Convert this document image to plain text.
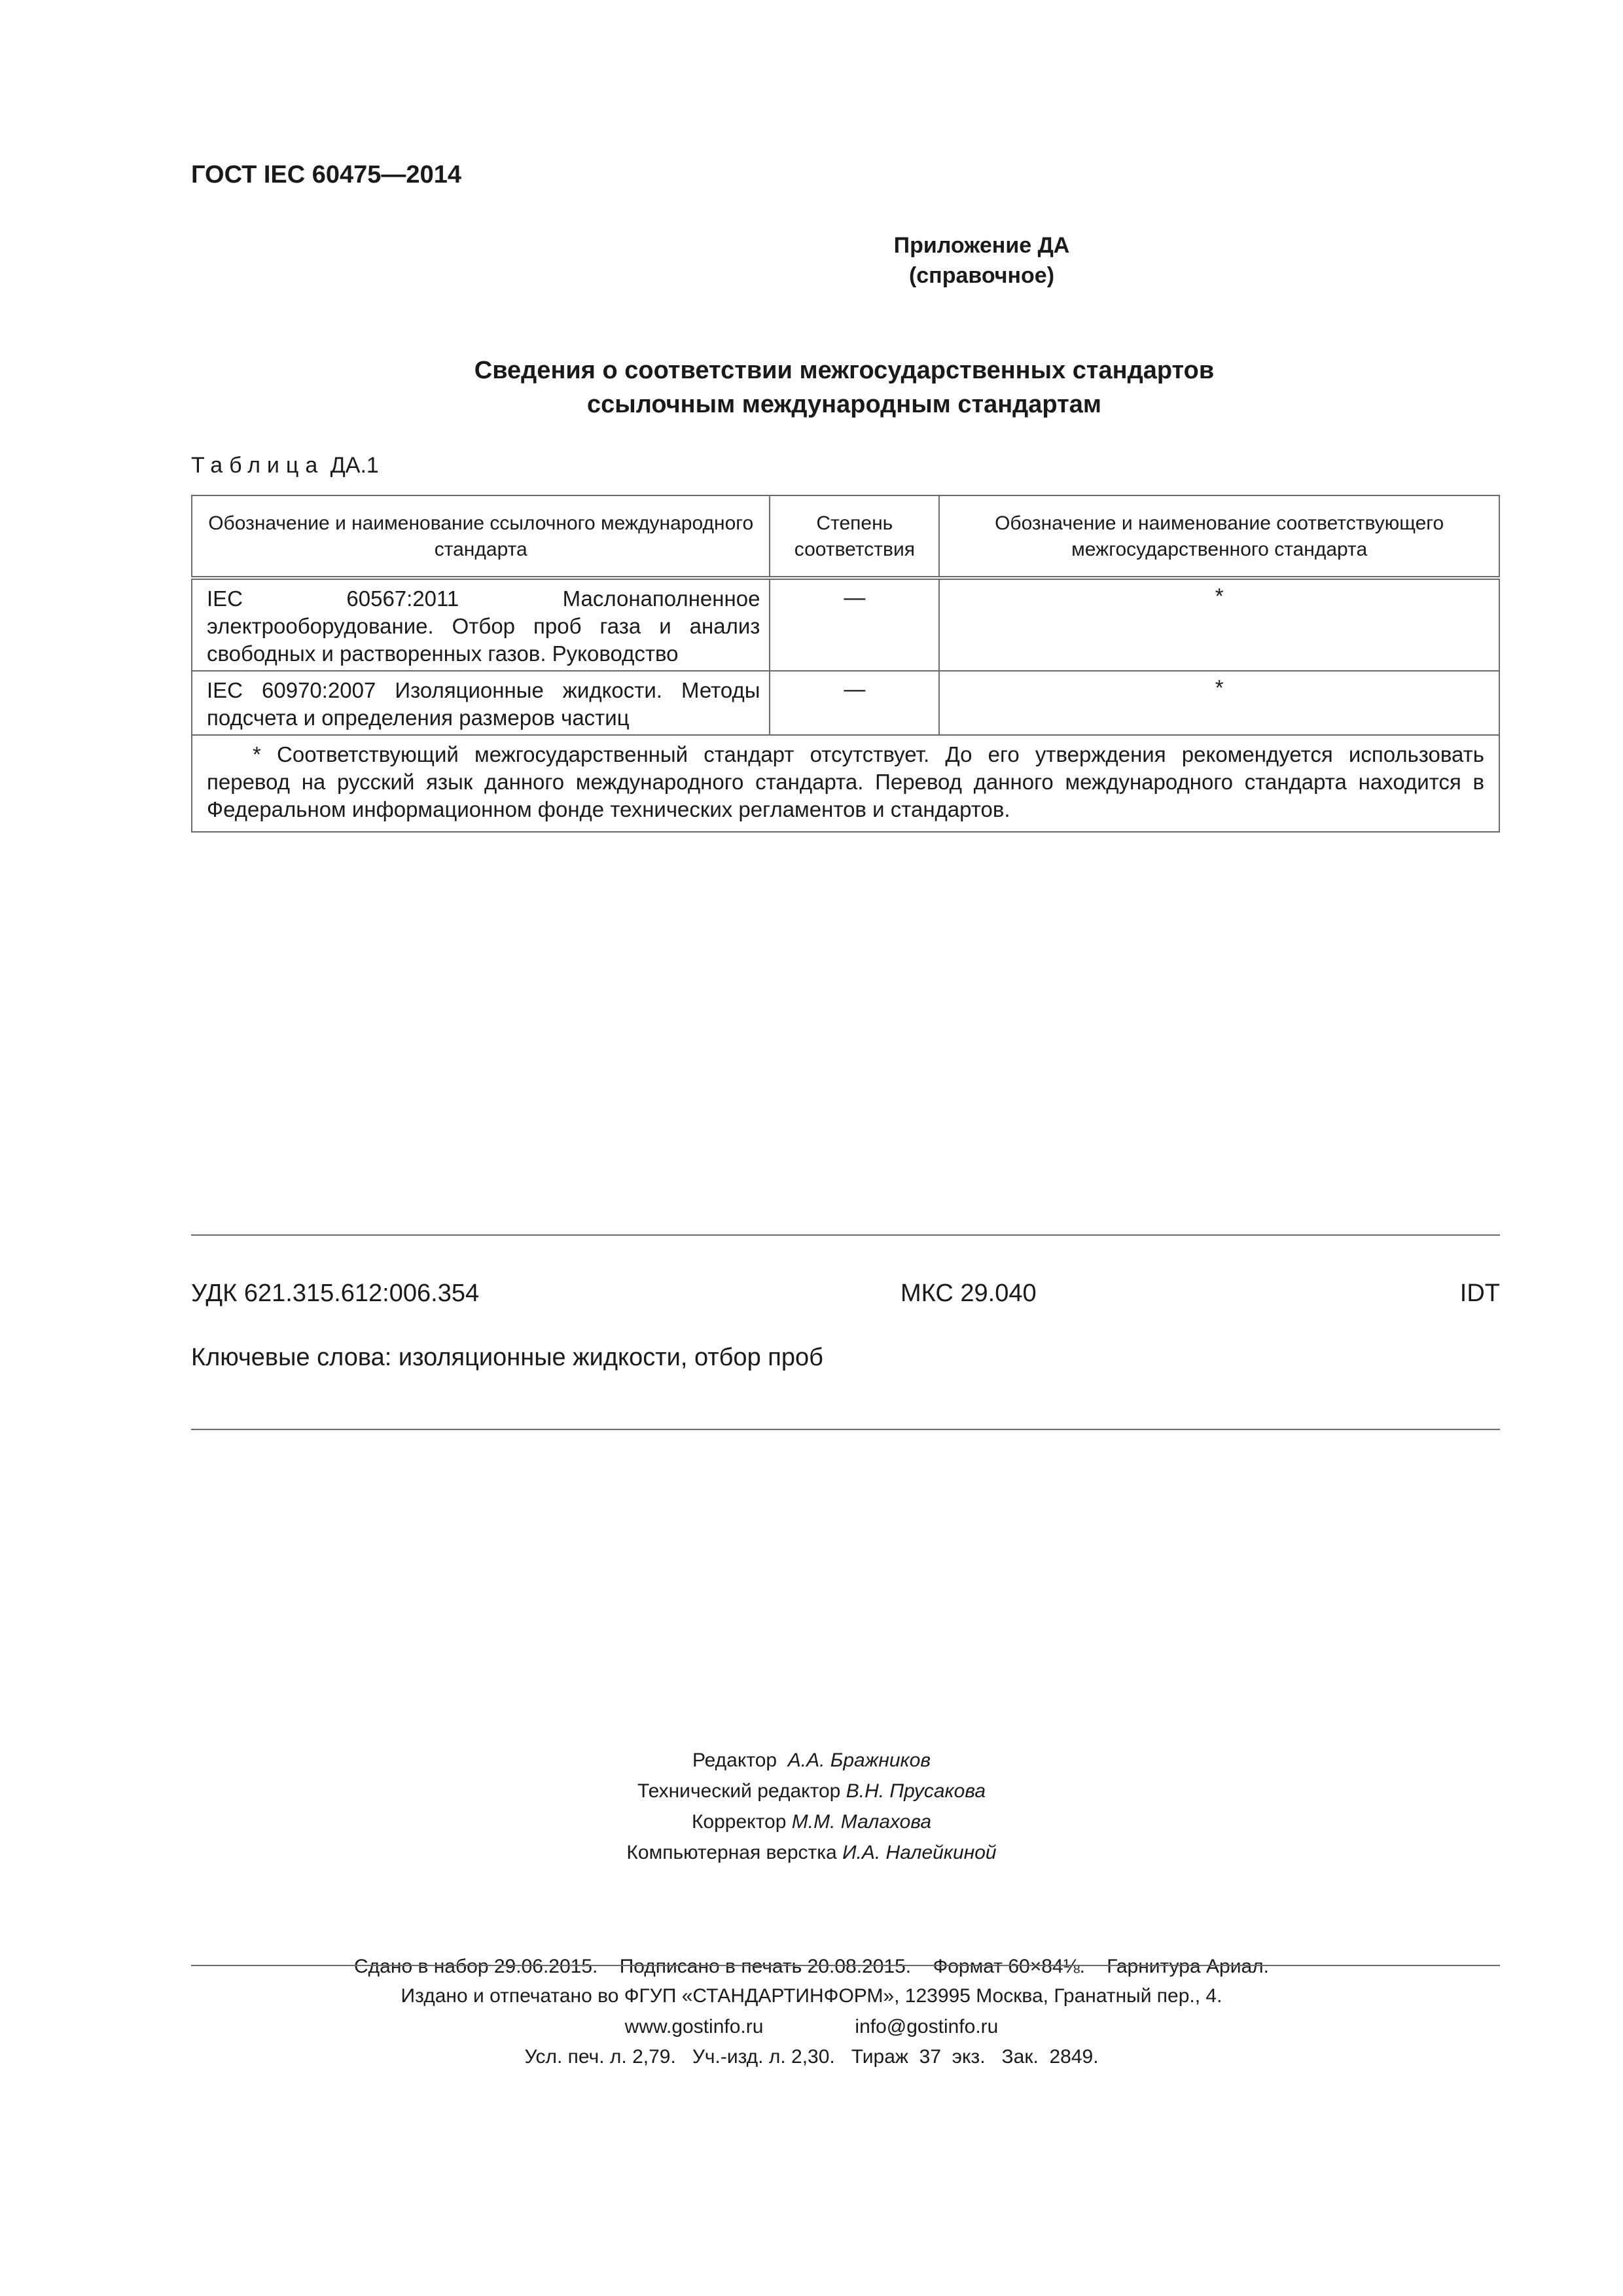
ГОСТ IEC 60475—2014
Приложение ДА
(справочное)
Сведения о соответствии межгосударственных стандартов
ссылочным международным стандартам
Таблица ДА.1
Обозначение и наименование ссылочного международного стандарта	Степень соответствия	Обозначение и наименование соответствующего межгосударственного стандарта
IEC 60567:2011 Маслонаполненное электрооборудование. Отбор проб газа и анализ свободных и растворенных газов. Руководство	—	*
IEC 60970:2007 Изоляционные жидкости. Методы подсчета и определения размеров частиц	—	*

* Соответствующий межгосударственный стандарт отсутствует. До его утверждения рекомендуется использовать перевод на русский язык данного международного стандарта. Перевод данного международного стандарта находится в Федеральном информационном фонде технических регламентов и стандартов.		
УДК 621.315.612:006.354	МКС 29.040	IDT
Ключевые слова: изоляционные жидкости, отбор проб
Редактор А.А. Бражников
Технический редактор В.Н. Прусакова
Корректор М.М. Малахова
Компьютерная верстка И.А. Налейкиной

Сдано в набор 29.06.2015.    Подписано в печать 20.08.2015.    Формат 60×84⅛.    Гарнитура Ариал.

Усл. печ. л. 2,79.   Уч.-изд. л. 2,30.   Тираж  37  экз.   Зак.  2849.

Издано и отпечатано во ФГУП «СТАНДАРТИНФОРМ», 123995 Москва, Гранатный пер., 4.
www.gostinfo.ru	info@gostinfo.ru
